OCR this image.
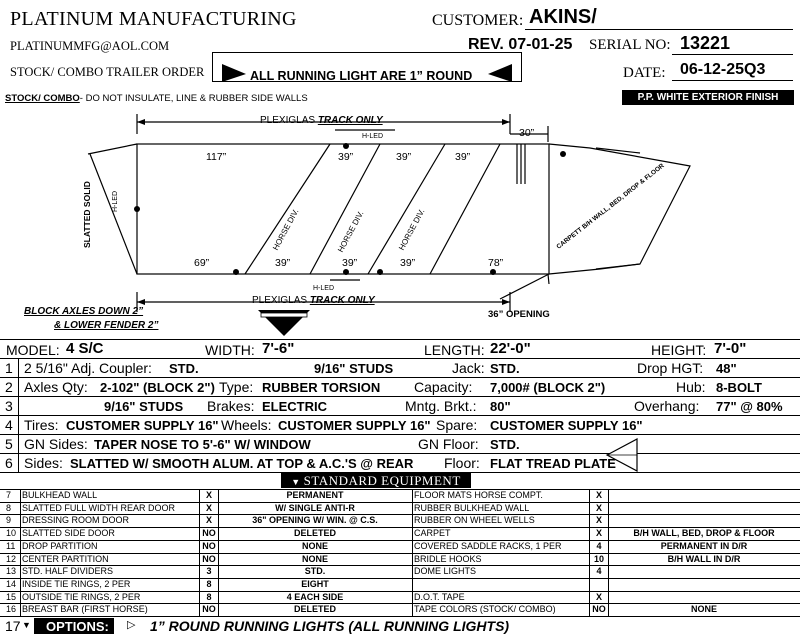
PLATINUM MANUFACTURING
PLATINUMMFG@AOL.COM
STOCK/ COMBO TRAILER ORDER
CUSTOMER: AKINS/
REV. 07-01-25 SERIAL NO: 13221
DATE: 06-12-25Q3
ALL RUNNING LIGHT ARE 1” ROUND
STOCK/ COMBO- DO NOT INSULATE, LINE & RUBBER SIDE WALLS	P.P. WHITE EXTERIOR FINISH
PLEXIGLAS TRACK ONLY
H-LED	30”
117”	39”	39”	39”
69”	39”	39”	39”	78”
H-LED
PLEXIGLAS TRACK ONLY
H-LED
SLATTED SOLID	HORSE DIV.	HORSE DIV.	HORSE DIV.	CARPETT B/H WALL, BED, DROP & FLOOR
36” OPENING
BLOCK AXLES DOWN 2”
& LOWER FENDER 2”
MODEL: 4 S/C	WIDTH: 7'-6"	LENGTH: 22'-0"	HEIGHT: 7'-0"
1 2 5/16" Adj. Coupler: STD.	9/16" STUDS	Jack: STD.	Drop HGT: 48"
2 Axles Qty: 2-102" (BLOCK 2") Type: RUBBER TORSION Capacity: 7,000# (BLOCK 2")	Hub: 8-BOLT
3	9/16" STUDS Brakes: ELECTRIC	Mntg. Brkt.: 80"	Overhang: 77" @ 80%
4 Tires: CUSTOMER SUPPLY 16" Wheels: CUSTOMER SUPPLY 16" Spare: CUSTOMER SUPPLY 16"
5 GN Sides: TAPER NOSE TO 5'-6" W/ WINDOW	GN Floor: STD.
6 Sides: SLATTED W/ SMOOTH ALUM. AT TOP & A.C.'S @ REAR Floor: FLAT TREAD PLATE
▼ STANDARD EQUIPMENT
7	BULKHEAD WALL	X	PERMANENT	FLOOR MATS HORSE COMPT.	X
8	SLATTED FULL WIDTH REAR DOOR	X	W/ SINGLE ANTI-R	RUBBER BULKHEAD WALL	X
9	DRESSING ROOM DOOR	X	36" OPENING W/ WIN. @ C.S.	RUBBER ON WHEEL WELLS	X
10 SLATTED SIDE DOOR	NO	DELETED	CARPET	X	B/H WALL, BED, DROP & FLOOR
11 DROP PARTITION	NO	NONE	COVERED SADDLE RACKS, 1 PER	4	PERMANENT IN D/R
12 CENTER PARTITION	NO	NONE	BRIDLE HOOKS	10	B/H WALL IN D/R
13 STD. HALF DIVIDERS	3	STD.	DOME LIGHTS	4
14 INSIDE TIE RINGS, 2 PER	8	EIGHT
15 OUTSIDE TIE RINGS, 2 PER	8	4 EACH SIDE	D.O.T. TAPE	X
16 BREAST BAR (FIRST HORSE)	NO	DELETED	TAPE COLORS (STOCK/ COMBO)	NO	NONE
17 ▼	OPTIONS:	▷ 1” ROUND RUNNING LIGHTS (ALL RUNNING LIGHTS)
